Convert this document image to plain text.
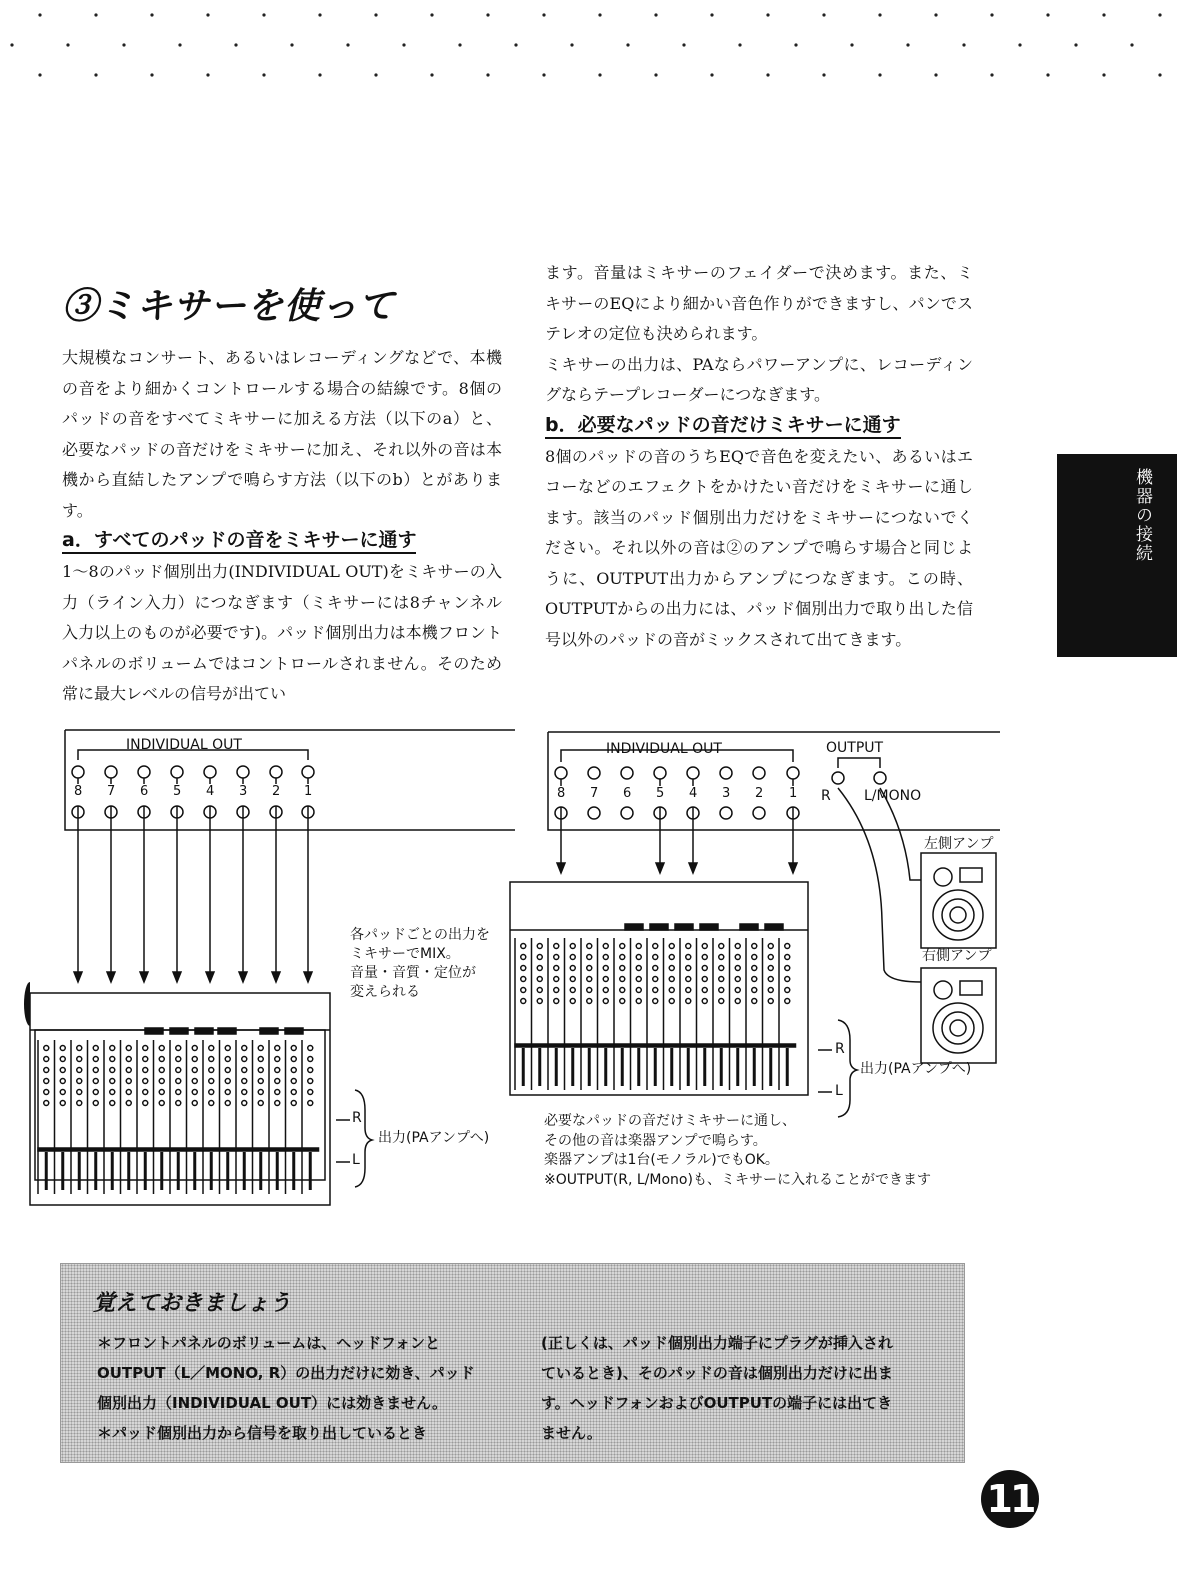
③ミキサーを使って

大規模なコンサート、あるいはレコーディングなどで、本機の音をより細かくコントロールする場合の結線です。8個のパッドの音をすべてミキサーに加える方法（以下のa）と、必要なパッドの音だけをミキサーに加え、それ以外の音は本機から直結したアンプで鳴らす方法（以下のb）とがあります。

a．すべてのパッドの音をミキサーに通す

1～8のパッド個別出力(INDIVIDUAL OUT)をミキサーの入力（ライン入力）につなぎます（ミキサーには8チャンネル入力以上のものが必要です)。パッド個別出力は本機フロントパネルのボリュームではコントロールされません。そのため常に最大レベルの信号が出てい

ます。音量はミキサーのフェイダーで決めます。また、ミキサーのEQにより細かい音色作りができますし、パンでステレオの定位も決められます。

ミキサーの出力は、PAならパワーアンプに、レコーディングならテープレコーダーにつなぎます。

b．必要なパッドの音だけミキサーに通す

8個のパッドの音のうちEQで音色を変えたい、あるいはエコーなどのエフェクトをかけたい音だけをミキサーに通します。該当のパッド個別出力だけをミキサーにつないでください。それ以外の音は②のアンプで鳴らす場合と同じように、OUTPUT出力からアンプにつなぎます。この時、OUTPUTからの出力には、パッド個別出力で取り出した信号以外のパッドの音がミックスされて出てきます。

機器の接続
INDIVIDUAL OUT	INDIVIDUAL OUT	OUTPUT
R L/MONO
左側アンプ
右側アンプ
各パッドごとの出力を
ミキサーでMIX。
音量・音質・定位が
変えられる
R
L
出力(PAアンプへ)
R
L
出力(PAアンプへ)
必要なパッドの音だけミキサーに通し、
その他の音は楽器アンプで鳴らす。
楽器アンプは1台(モノラル)でもOK。
※OUTPUT(R, L/Mono)も、ミキサーに入れることができます
8 7 6 5 4 3 2 1	8 7 6 5 4 3 2 1
覚えておきましょう

＊フロントパネルのボリュームは、ヘッドフォンと

OUTPUT（L／MONO, R）の出力だけに効き、パッド

個別出力（INDIVIDUAL OUT）には効きません。

＊パッド個別出力から信号を取り出しているとき

(正しくは、パッド個別出力端子にプラグが挿入され

ているとき)、そのパッドの音は個別出力だけに出ま

す。ヘッドフォンおよびOUTPUTの端子には出てき

ません。

11
